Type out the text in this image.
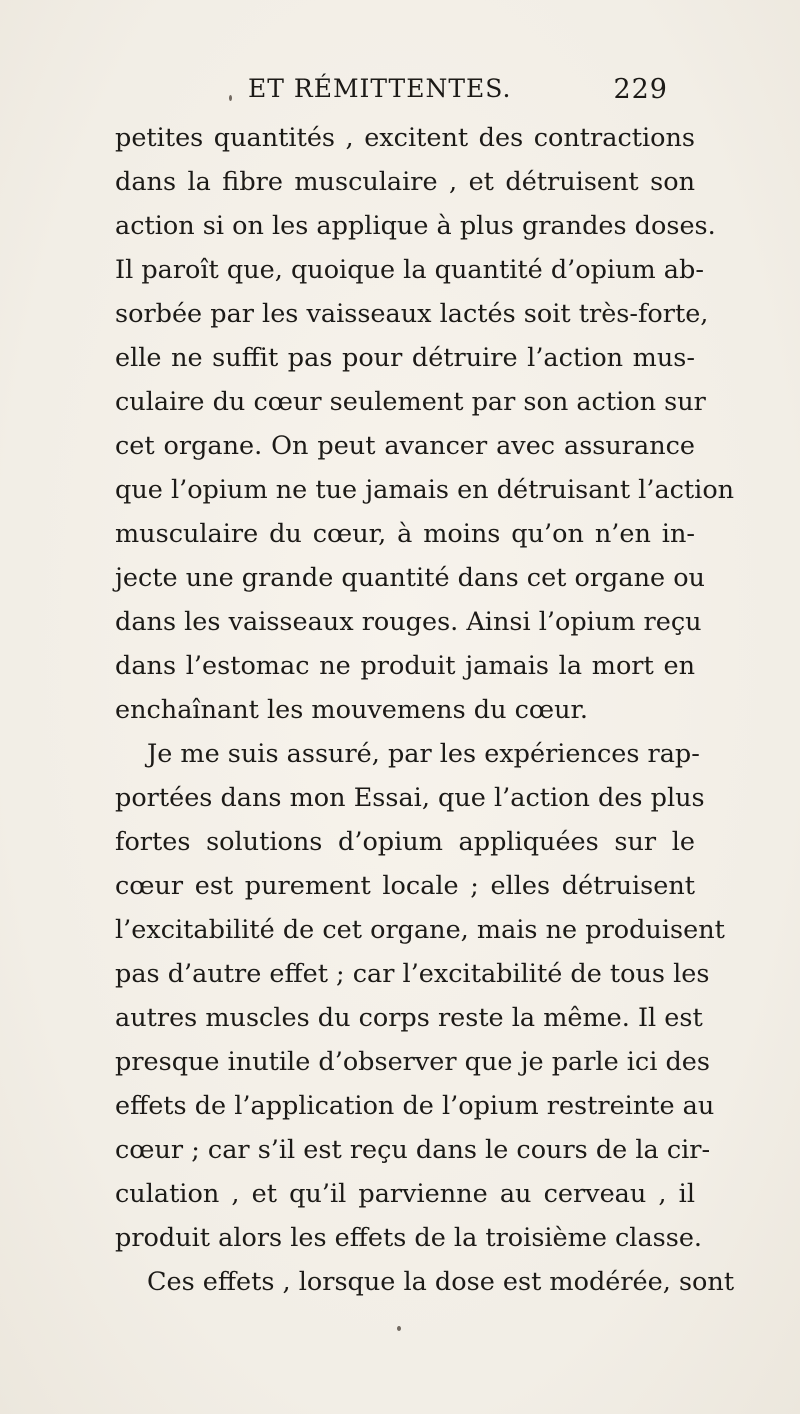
ET RÉMITTENTES.	229
petites quantités , excitent des contractions
dans la fibre musculaire , et détruisent son
action si on les applique à plus grandes doses.
Il paroît que, quoique la quantité d’opium ab-
sorbée par les vaisseaux lactés soit très-forte,
elle ne suffit pas pour détruire l’action mus-
culaire du cœur seulement par son action sur
cet organe. On peut avancer avec assurance
que l’opium ne tue jamais en détruisant l’action
musculaire du cœur, à moins qu’on n’en in-
jecte une grande quantité dans cet organe ou
dans les vaisseaux rouges. Ainsi l’opium reçu
dans l’estomac ne produit jamais la mort en
enchaînant les mouvemens du cœur.
Je me suis assuré, par les expériences rap-
portées dans mon Essai, que l’action des plus
fortes solutions d’opium appliquées sur le
cœur est purement locale ; elles détruisent
l’excitabilité de cet organe, mais ne produisent
pas d’autre effet ; car l’excitabilité de tous les
autres muscles du corps reste la même. Il est
presque inutile d’observer que je parle ici des
effets de l’application de l’opium restreinte au
cœur ; car s’il est reçu dans le cours de la cir-
culation , et qu’il parvienne au cerveau , il
produit alors les effets de la troisième classe.
Ces effets , lorsque la dose est modérée, sont
